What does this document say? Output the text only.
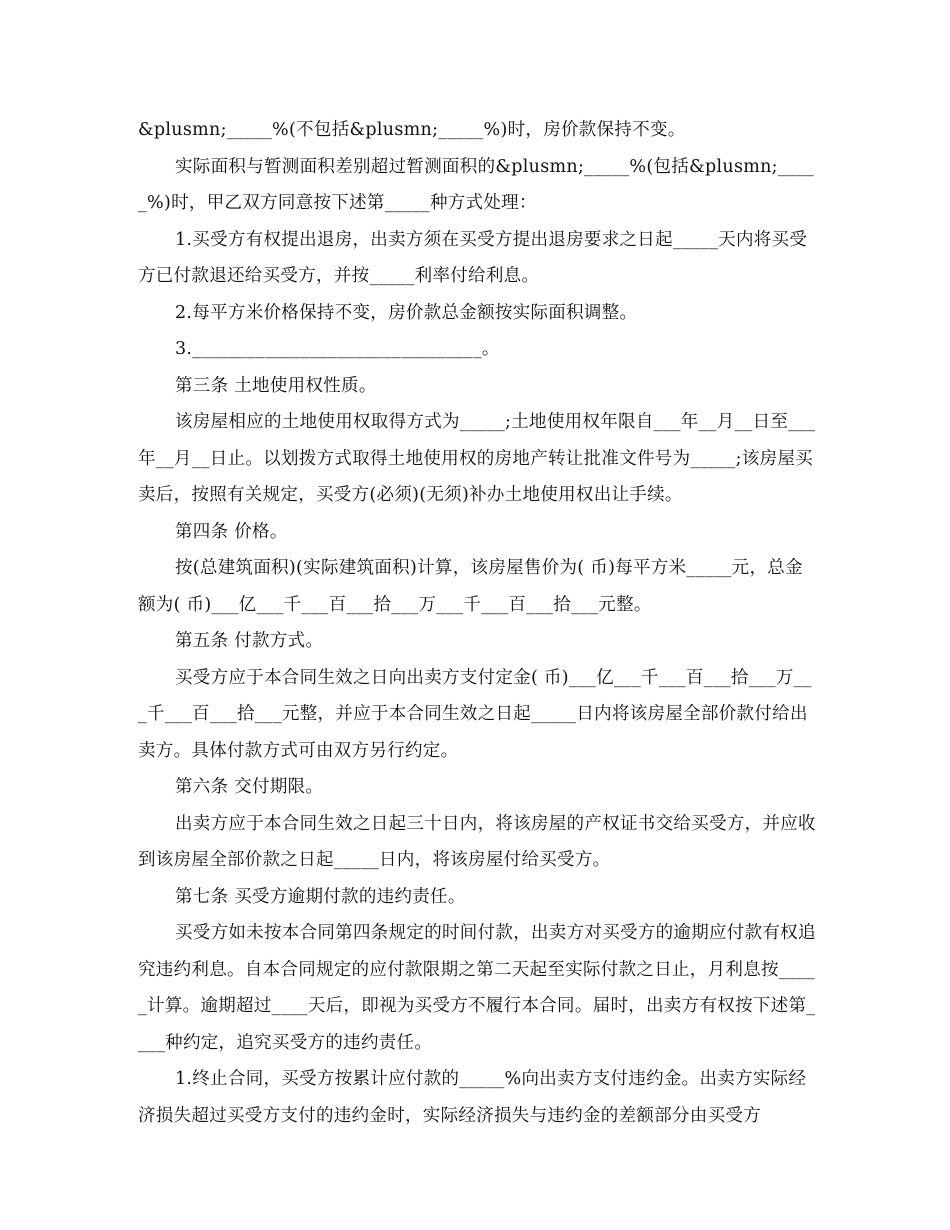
&plusmn;_____%(不包括&plusmn;_____%)时，房价款保持不变。

实际面积与暂测面积差别超过暂测面积的&plusmn;_____%(包括&plusmn;_____%)时，甲乙双方同意按下述第_____种方式处理：

1.买受方有权提出退房，出卖方须在买受方提出退房要求之日起_____天内将买受方已付款退还给买受方，并按_____利率付给利息。

2.每平方米价格保持不变，房价款总金额按实际面积调整。

3.________________________________。

第三条 土地使用权性质。

该房屋相应的土地使用权取得方式为_____;土地使用权年限自___年__月__日至___年__月__日止。以划拨方式取得土地使用权的房地产转让批准文件号为_____;该房屋买卖后，按照有关规定，买受方(必须)(无须)补办土地使用权出让手续。

第四条 价格。

按(总建筑面积)(实际建筑面积)计算，该房屋售价为( 币)每平方米_____元，总金额为( 币)___亿___千___百___拾___万___千___百___拾___元整。

第五条 付款方式。

买受方应于本合同生效之日向出卖方支付定金( 币)___亿___千___百___拾___万___千___百___拾___元整，并应于本合同生效之日起_____日内将该房屋全部价款付给出卖方。具体付款方式可由双方另行约定。

第六条 交付期限。

出卖方应于本合同生效之日起三十日内，将该房屋的产权证书交给买受方，并应收到该房屋全部价款之日起_____日内，将该房屋付给买受方。

第七条 买受方逾期付款的违约责任。

买受方如未按本合同第四条规定的时间付款，出卖方对买受方的逾期应付款有权追究违约利息。自本合同规定的应付款限期之第二天起至实际付款之日止，月利息按_____计算。逾期超过____天后，即视为买受方不履行本合同。届时，出卖方有权按下述第____种约定，追究买受方的违约责任。

1.终止合同，买受方按累计应付款的_____%向出卖方支付违约金。出卖方实际经济损失超过买受方支付的违约金时，实际经济损失与违约金的差额部分由买受方
